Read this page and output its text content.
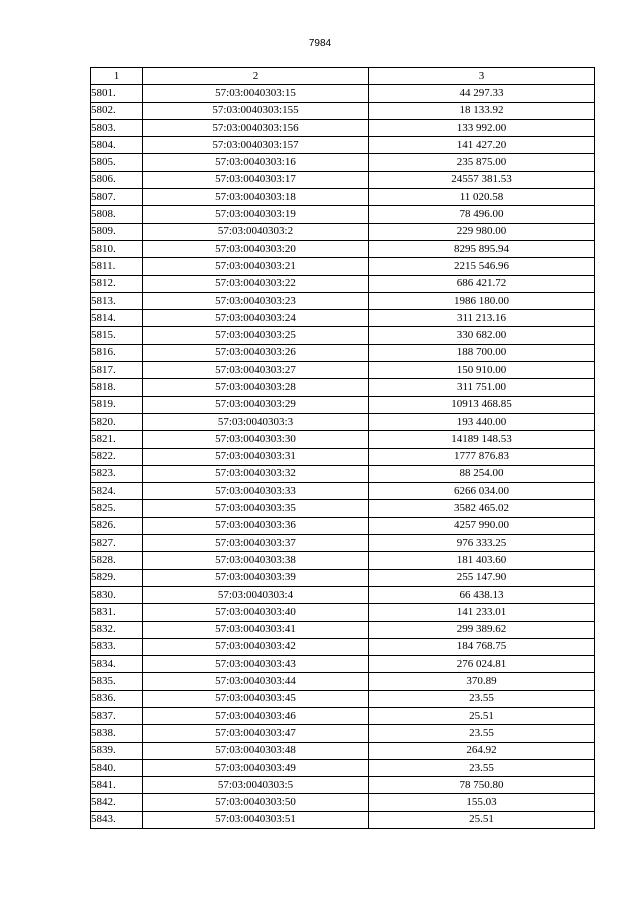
7984
1	2	3
5801.	57:03:0040303:15	44 297.33
5802.	57:03:0040303:155	18 133.92
5803.	57:03:0040303:156	133 992.00
5804.	57:03:0040303:157	141 427.20
5805.	57:03:0040303:16	235 875.00
5806.	57:03:0040303:17	24557 381.53
5807.	57:03:0040303:18	11 020.58
5808.	57:03:0040303:19	78 496.00
5809.	57:03:0040303:2	229 980.00
5810.	57:03:0040303:20	8295 895.94
5811.	57:03:0040303:21	2215 546.96
5812.	57:03:0040303:22	686 421.72
5813.	57:03:0040303:23	1986 180.00
5814.	57:03:0040303:24	311 213.16
5815.	57:03:0040303:25	330 682.00
5816.	57:03:0040303:26	188 700.00
5817.	57:03:0040303:27	150 910.00
5818.	57:03:0040303:28	311 751.00
5819.	57:03:0040303:29	10913 468.85
5820.	57:03:0040303:3	193 440.00
5821.	57:03:0040303:30	14189 148.53
5822.	57:03:0040303:31	1777 876.83
5823.	57:03:0040303:32	88 254.00
5824.	57:03:0040303:33	6266 034.00
5825.	57:03:0040303:35	3582 465.02
5826.	57:03:0040303:36	4257 990.00
5827.	57:03:0040303:37	976 333.25
5828.	57:03:0040303:38	181 403.60
5829.	57:03:0040303:39	255 147.90
5830.	57:03:0040303:4	66 438.13
5831.	57:03:0040303:40	141 233.01
5832.	57:03:0040303:41	299 389.62
5833.	57:03:0040303:42	184 768.75
5834.	57:03:0040303:43	276 024.81
5835.	57:03:0040303:44	370.89
5836.	57:03:0040303:45	23.55
5837.	57:03:0040303:46	25.51
5838.	57:03:0040303:47	23.55
5839.	57:03:0040303:48	264.92
5840.	57:03:0040303:49	23.55
5841.	57:03:0040303:5	78 750.80
5842.	57:03:0040303:50	155.03
5843.	57:03:0040303:51	25.51
